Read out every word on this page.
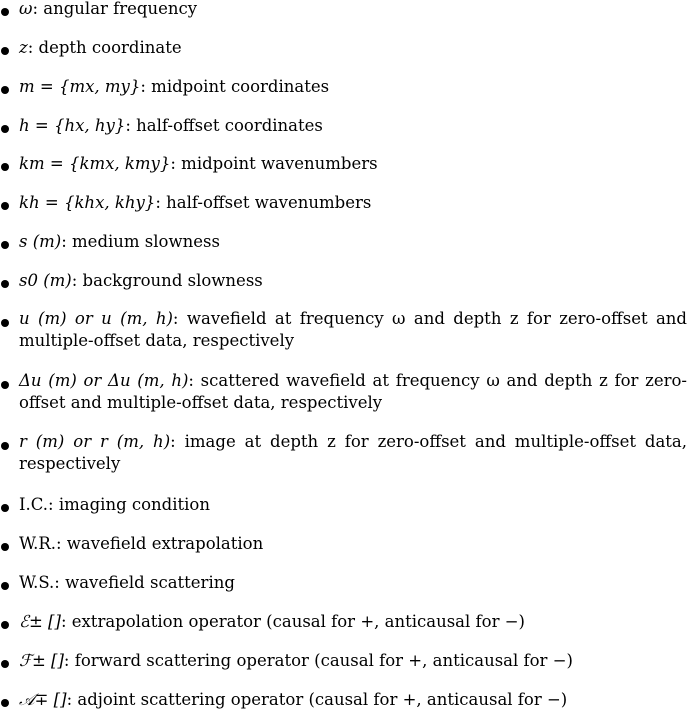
ω: angular frequency
z: depth coordinate
m = {mx, my}: midpoint coordinates
h = {hx, hy}: half-offset coordinates
km = {kmx, kmy}: midpoint wavenumbers
kh = {khx, khy}: half-offset wavenumbers
s (m): medium slowness
s0 (m): background slowness
u (m) or u (m, h): wavefield at frequency ω and depth z for zero-offset and multiple-offset data, respectively
Δu (m) or Δu (m, h): scattered wavefield at frequency ω and depth z for zero-offset and multiple-offset data, respectively
r (m) or r (m, h): image at depth z for zero-offset and multiple-offset data, respectively
I.C.: imaging condition
W.R.: wavefield extrapolation
W.S.: wavefield scattering
ℰ± []: extrapolation operator (causal for +, anticausal for −)
ℱ± []: forward scattering operator (causal for +, anticausal for −)
𝒜∓ []: adjoint scattering operator (causal for +, anticausal for −)
